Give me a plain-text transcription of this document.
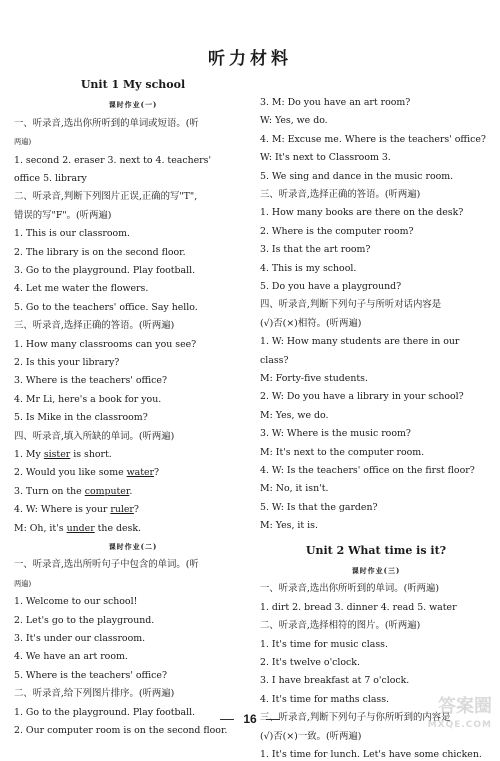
听力材料
Unit 1 My school
课时作业(一)
一、听录音,选出你所听到的单词或短语。(听
两遍)
1. second 2. eraser 3. next to 4. teachers'
office 5. library
二、听录音,判断下列图片正误,正确的写"T",
错误的写"F"。(听两遍)
1. This is our classroom.
2. The library is on the second floor.
3. Go to the playground. Play football.
4. Let me water the flowers.
5. Go to the teachers' office. Say hello.
三、听录音,选择正确的答语。(听两遍)
1. How many classrooms can you see?
2. Is this your library?
3. Where is the teachers' office?
4. Mr Li, here's a book for you.
5. Is Mike in the classroom?
四、听录音,填入所缺的单词。(听两遍)
1. My sister is short.
2. Would you like some water?
3. Turn on the computer.
4. W: Where is your ruler?
M: Oh, it's under the desk.
课时作业(二)
一、听录音,选出所听句子中包含的单词。(听
两遍)
1. Welcome to our school!
2. Let's go to the playground.
3. It's under our classroom.
4. We have an art room.
5. Where is the teachers' office?
二、听录音,给下列图片排序。(听两遍)
1. Go to the playground. Play football.
2. Our computer room is on the second floor.
3. M: Do you have an art room?
W: Yes, we do.
4. M: Excuse me. Where is the teachers' office?
W: It's next to Classroom 3.
5. We sing and dance in the music room.
三、听录音,选择正确的答语。(听两遍)
1. How many books are there on the desk?
2. Where is the computer room?
3. Is that the art room?
4. This is my school.
5. Do you have a playground?
四、听录音,判断下列句子与所听对话内容是
(√)否(×)相符。(听两遍)
1. W: How many students are there in our
class?
M: Forty-five students.
2. W: Do you have a library in your school?
M: Yes, we do.
3. W: Where is the music room?
M: It's next to the computer room.
4. W: Is the teachers' office on the first floor?
M: No, it isn't.
5. W: Is that the garden?
M: Yes, it is.
Unit 2 What time is it?
课时作业(三)
一、听录音,选出你所听到的单词。(听两遍)
1. dirt 2. bread 3. dinner 4. read 5. water
二、听录音,选择相符的图片。(听两遍)
1. It's time for music class.
2. It's twelve o'clock.
3. I have breakfast at 7 o'clock.
4. It's time for maths class.
三、听录音,判断下列句子与你所听到的内容是
(√)否(×)一致。(听两遍)
1. It's time for lunch. Let's have some chicken.
16
答案圈
MXQE.COM
